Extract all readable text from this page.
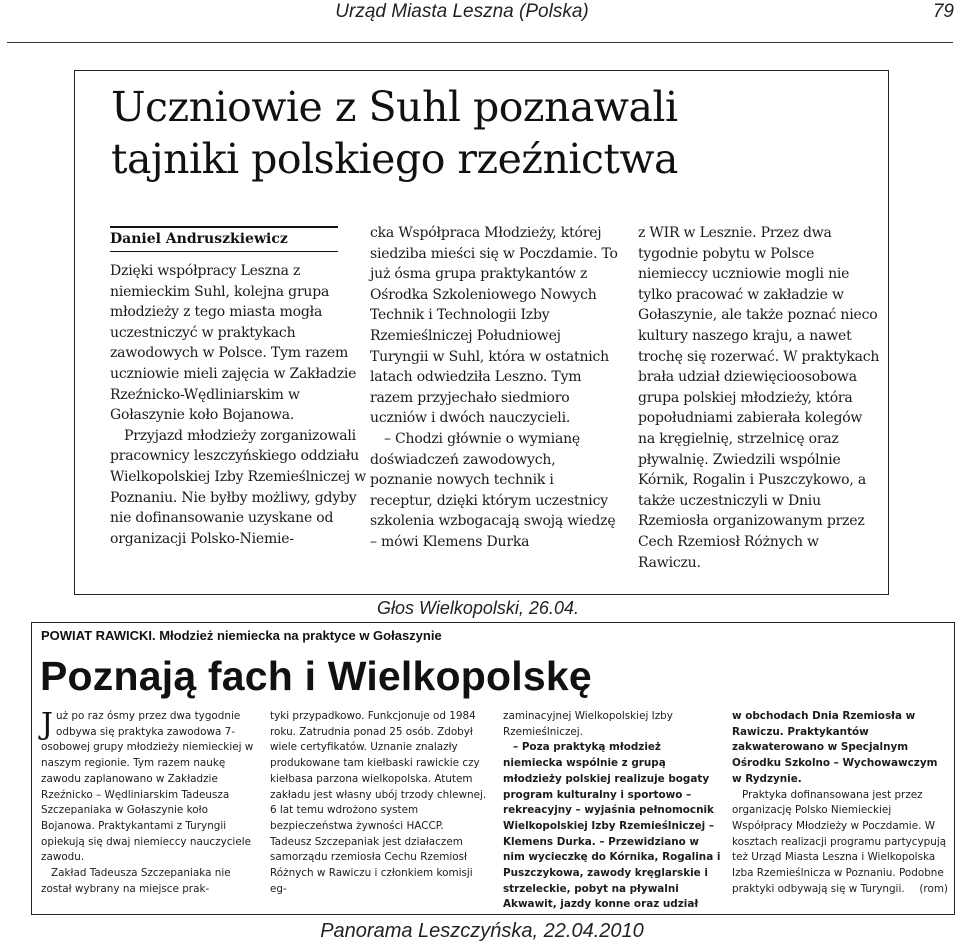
Urząd Miasta Leszna (Polska)	79
Uczniowie z Suhl poznawali
tajniki polskiego rzeźnictwa
Daniel Andruszkiewicz

Dzięki współpracy Leszna z niemieckim Suhl, kolejna grupa młodzieży z tego miasta mogła uczestniczyć w praktykach zawodowych w Polsce. Tym razem uczniowie mieli zajęcia w Zakładzie Rzeźnicko-Wędliniarskim w Gołaszynie koło Bojanowa.

Przyjazd młodzieży zorganizowali pracownicy leszczyńskiego oddziału Wielkopolskiej Izby Rzemieślniczej w Poznaniu. Nie byłby możliwy, gdyby nie dofinansowanie uzyskane od organizacji Polsko-Niemie-

cka Współpraca Młodzieży, której siedziba mieści się w Poczdamie. To już ósma grupa praktykantów z Ośrodka Szkoleniowego Nowych Technik i Technologii Izby Rzemieślniczej Południowej Turyngii w Suhl, która w ostatnich latach odwiedziła Leszno. Tym razem przyjechało siedmioro uczniów i dwóch nauczycieli.

– Chodzi głównie o wymianę doświadczeń zawodowych, poznanie nowych technik i receptur, dzięki którym uczestnicy szkolenia wzbogacają swoją wiedzę – mówi Klemens Durka

z WIR w Lesznie. Przez dwa tygodnie pobytu w Polsce niemieccy uczniowie mogli nie tylko pracować w zakładzie w Gołaszynie, ale także poznać nieco kultury naszego kraju, a nawet trochę się rozerwać. W praktykach brała udział dziewięcioosobowa grupa polskiej młodzieży, która popołudniami zabierała kolegów na kręgielnię, strzelnicę oraz pływalnię. Zwiedzili wspólnie Kórnik, Rogalin i Puszczykowo, a także uczestniczyli w Dniu Rzemiosła organizowanym przez Cech Rzemiosł Różnych w Rawiczu.

Głos Wielkopolski, 26.04.
POWIAT RAWICKI. Młodzież niemiecka na praktyce w Gołaszynie
Poznają fach i Wielkopolskę
J uż po raz ósmy przez dwa tygodnie odbywa się praktyka zawodowa 7-osobowej grupy młodzieży niemieckiej w naszym regionie. Tym razem naukę zawodu zaplanowano w Zakładzie Rzeźnicko – Wędliniarskim Tadeusza Szczepaniaka w Gołaszynie koło Bojanowa. Praktykantami z Turyngii opiekują się dwaj niemieccy nauczyciele zawodu.
Zakład Tadeusza Szczepaniaka nie został wybrany na miejsce prak-
tyki przypadkowo. Funkcjonuje od 1984 roku. Zatrudnia ponad 25 osób. Zdobył wiele certyfikatów. Uznanie znalazły produkowane tam kiełbaski rawickie czy kiełbasa parzona wielkopolska. Atutem zakładu jest własny ubój trzody chlewnej. 6 lat temu wdrożono system bezpieczeństwa żywności HACCP. Tadeusz Szczepaniak jest działaczem samorządu rzemiosła Cechu Rzemiosł Różnych w Rawiczu i członkiem komisji eg-
zaminacyjnej Wielkopolskiej Izby Rzemieślniczej.
– Poza praktyką młodzież niemiecka wspólnie z grupą młodzieży polskiej realizuje bogaty program kulturalny i sportowo – rekreacyjny – wyjaśnia pełnomocnik Wielkopolskiej Izby Rzemieślniczej – Klemens Durka. – Przewidziano w nim wycieczkę do Kórnika, Rogalina i Puszczykowa, zawody kręglarskie i strzeleckie, pobyt na pływalni Akwawit, jazdy konne oraz udział
w obchodach Dnia Rzemiosła w Rawiczu. Praktykantów zakwaterowano w Specjalnym Ośrodku Szkolno – Wychowawczym w Rydzynie.
Praktyka dofinansowana jest przez organizację Polsko Niemieckiej Współpracy Młodzieży w Poczdamie. W kosztach realizacji programu partycypują też Urząd Miasta Leszna i Wielkopolska Izba Rzemieślnicza w Poznaniu. Podobne praktyki odbywają się w Turyngii.	(rom)
Panorama Leszczyńska, 22.04.2010
